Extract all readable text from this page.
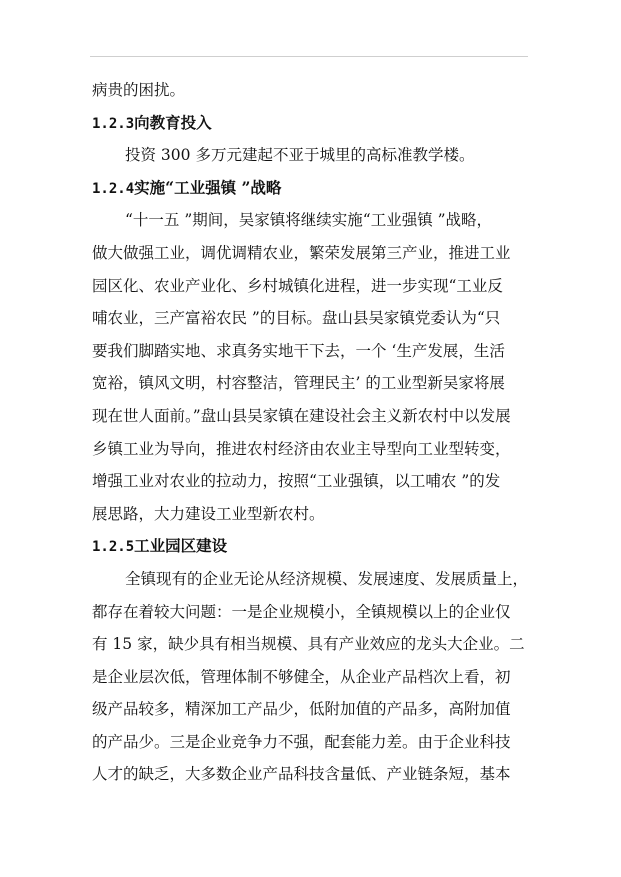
病贵的困扰。
1.2.3向教育投入
投资 300 多万元建起不亚于城里的高标准教学楼。
1.2.4实施“工业强镇 ”战略
“十一五 ”期间，吴家镇将继续实施“工业强镇 ”战略，
做大做强工业，调优调精农业，繁荣发展第三产业，推进工业
园区化、农业产业化、乡村城镇化进程，进一步实现“工业反
哺农业，三产富裕农民 ”的目标。盘山县吴家镇党委认为“只
要我们脚踏实地、求真务实地干下去，一个 ‘生产发展，生活
宽裕，镇风文明，村容整洁，管理民主’ 的工业型新吴家将展
现在世人面前。”盘山县吴家镇在建设社会主义新农村中以发展
乡镇工业为导向，推进农村经济由农业主导型向工业型转变，
增强工业对农业的拉动力，按照“工业强镇，以工哺农 ”的发
展思路，大力建设工业型新农村。
1.2.5工业园区建设
全镇现有的企业无论从经济规模、发展速度、发展质量上，
都存在着较大问题：一是企业规模小，全镇规模以上的企业仅
有 15 家，缺少具有相当规模、具有产业效应的龙头大企业。二
是企业层次低，管理体制不够健全，从企业产品档次上看，初
级产品较多，精深加工产品少，低附加值的产品多，高附加值
的产品少。三是企业竞争力不强，配套能力差。由于企业科技
人才的缺乏，大多数企业产品科技含量低、产业链条短，基本
